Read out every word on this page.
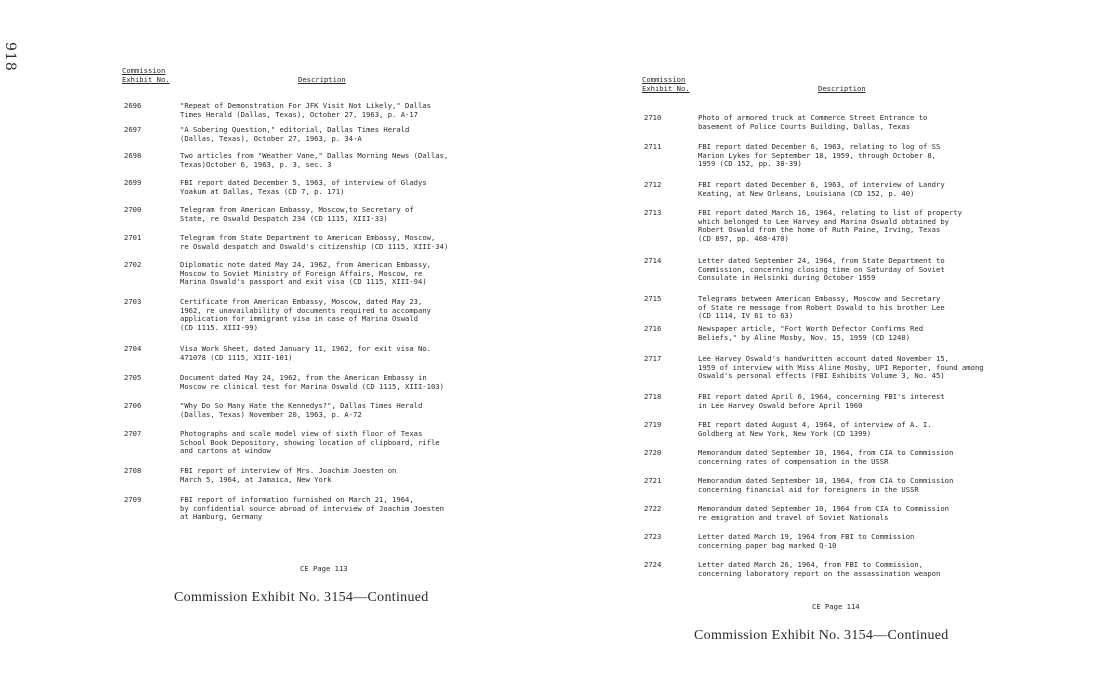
918	Commission
Exhibit No.	Description
2696	"Repeat of Demonstration For JFK Visit Not Likely," Dallas
Times Herald (Dallas, Texas), October 27, 1963, p. A-17
2697	"A Sobering Question," editorial, Dallas Times Herald
(Dallas, Texas), October 27, 1963, p. 34-A
2698	Two articles from "Weather Vane," Dallas Morning News (Dallas,
Texas)October 6, 1963, p. 3, sec. 3
2699	FBI report dated December 5, 1963, of interview of Gladys
Yoakum at Dallas, Texas (CD 7, p. 171)
2700	Telegram from American Embassy, Moscow,to Secretary of
State, re Oswald Despatch 234 (CD 1115, XIII-33)
2701	Telegram from State Department to American Embassy, Moscow,
re Oswald despatch and Oswald's citizenship (CD 1115, XIII-34)
2702	Diplomatic note dated May 24, 1962, from American Embassy,
Moscow to Soviet Ministry of Foreign Affairs, Moscow, re
Marina Oswald's passport and exit visa (CD 1115, XIII-94)
2703	Certificate from American Embassy, Moscow, dated May 23,
1962, re unavailability of documents required to accompany
application for immigrant visa in case of Marina Oswald
(CD 1115. XIII-99)
2704	Visa Work Sheet, dated January 11, 1962, for exit visa No.
471078 (CD 1115, XIII-101)
2705	Document dated May 24, 1962, from the American Embassy in
Moscow re clinical test for Marina Oswald (CD 1115, XIII-103)
2706	"Why Do So Many Hate the Kennedys?", Dallas Times Herald
(Dallas, Texas) November 20, 1963, p. A-72
2707	Photographs and scale model view of sixth floor of Texas
School Book Depository, showing location of clipboard, rifle
and cartons at window
2708	FBI report of interview of Mrs. Joachim Joesten on
March 5, 1964, at Jamaica, New York
2709	FBI report of information furnished on March 21, 1964,
by confidential source abroad of interview of Joachim Joesten
at Hamburg, Germany
CE Page 113
Commission Exhibit No. 3154—Continued
Commission
Exhibit No.	Description
2710	Photo of armored truck at Commerce Street Entrance to
basement of Police Courts Building, Dallas, Texas
2711	FBI report dated December 6, 1963, relating to log of SS
Marion Lykes for September 18, 1959, through October 8,
1959 (CD 152, pp. 38-39)
2712	FBI report dated December 6, 1963, of interview of Landry
Keating, at New Orleans, Louisiana (CD 152, p. 40)
2713	FBI report dated March 16, 1964, relating to list of property
which belonged to Lee Harvey and Marina Oswald obtained by
Robert Oswald from the home of Ruth Paine, Irving, Texas
(CD 897, pp. 468-470)
2714	Letter dated September 24, 1964, from State Department to
Commission, concerning closing time on Saturday of Soviet
Consulate in Helsinki during October 1959
2715	Telegrams between American Embassy, Moscow and Secretary
of State re message from Robert Oswald to his brother Lee
(CD 1114, IV 61 to 63)
2716	Newspaper article, "Fort Worth Defector Confirms Red
Beliefs," by Aline Mosby, Nov. 15, 1959 (CD 1240)
2717	Lee Harvey Oswald's handwritten account dated November 15,
1959 of interview with Miss Aline Mosby, UPI Reporter, found among
Oswald's personal effects (FBI Exhibits Volume 3, No. 45)
2718	FBI report dated April 6, 1964, concerning FBI's interest
in Lee Harvey Oswald before April 1960
2719	FBI report dated August 4, 1964, of interview of A. I.
Goldberg at New York, New York (CD 1399)
2720	Memorandum dated September 10, 1964, from CIA to Commission
concerning rates of compensation in the USSR
2721	Memorandum dated September 10, 1964, from CIA to Commission
concerning financial aid for foreigners in the USSR
2722	Memorandum dated September 10, 1964 from CIA to Commission
re emigration and travel of Soviet Nationals
2723	Letter dated March 19, 1964 from FBI to Commission
concerning paper bag marked Q-10
2724	Letter dated March 26, 1964, from FBI to Commission,
concerning laboratory report on the assassination weapon
CE Page 114
Commission Exhibit No. 3154—Continued
